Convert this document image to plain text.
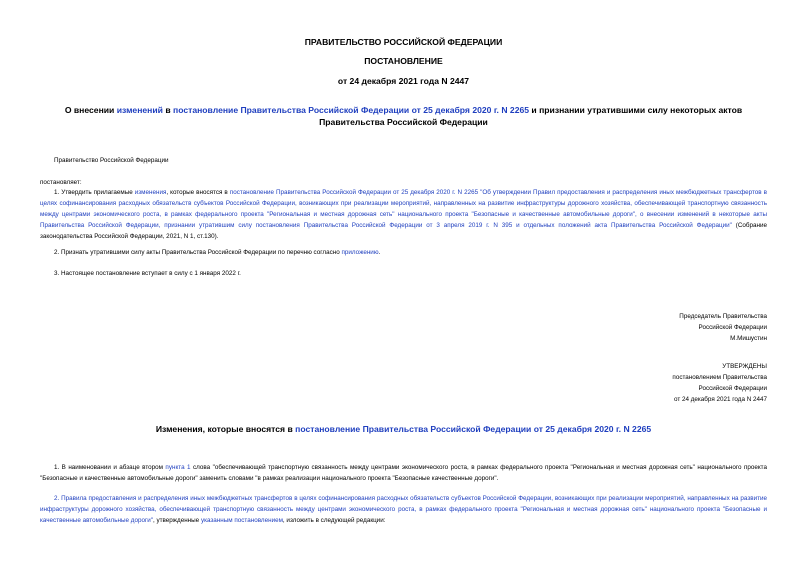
ПРАВИТЕЛЬСТВО РОССИЙСКОЙ ФЕДЕРАЦИИ
ПОСТАНОВЛЕНИЕ
от 24 декабря 2021 года N 2447
О внесении изменений в постановление Правительства Российской Федерации от 25 декабря 2020 г. N 2265 и признании утратившими силу некоторых актов Правительства Российской Федерации
Правительство Российской Федерации
постановляет:
1. Утвердить прилагаемые изменения, которые вносятся в постановление Правительства Российской Федерации от 25 декабря 2020 г. N 2265 "Об утверждении Правил предоставления и распределения иных межбюджетных трансфертов в целях софинансирования расходных обязательств субъектов Российской Федерации, возникающих при реализации мероприятий, направленных на развитие инфраструктуры дорожного хозяйства, обеспечивающей транспортную связанность между центрами экономического роста, в рамках федерального проекта "Региональная и местная дорожная сеть" национального проекта "Безопасные и качественные автомобильные дороги", о внесении изменений в некоторые акты Правительства Российской Федерации, признании утратившим силу постановления Правительства Российской Федерации от 3 апреля 2019 г. N 395 и отдельных положений акта Правительства Российской Федерации" (Собрание законодательства Российской Федерации, 2021, N 1, ст.130).
2. Признать утратившими силу акты Правительства Российской Федерации по перечню согласно приложению.
3. Настоящее постановление вступает в силу с 1 января 2022 г.
Председатель Правительства
Российской Федерации
М.Мишустин
УТВЕРЖДЕНЫ
постановлением Правительства
Российской Федерации
от 24 декабря 2021 года N 2447
Изменения, которые вносятся в постановление Правительства Российской Федерации от 25 декабря 2020 г. N 2265
1. В наименовании и абзаце втором пункта 1 слова "обеспечивающей транспортную связанность между центрами экономического роста, в рамках федерального проекта "Региональная и местная дорожная сеть" национального проекта "Безопасные и качественные автомобильные дороги" заменить словами "в рамках реализации национального проекта "Безопасные качественные дороги".
2. Правила предоставления и распределения иных межбюджетных трансфертов в целях софинансирования расходных обязательств субъектов Российской Федерации, возникающих при реализации мероприятий, направленных на развитие инфраструктуры дорожного хозяйства, обеспечивающей транспортную связанность между центрами экономического роста, в рамках федерального проекта "Региональная и местная дорожная сеть" национального проекта "Безопасные и качественные автомобильные дороги", утвержденные указанным постановлением, изложить в следующей редакции:
